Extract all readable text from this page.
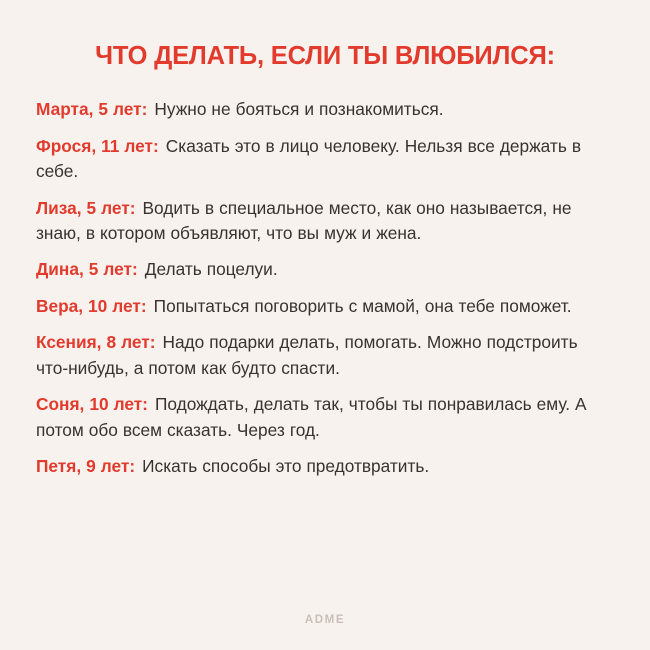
ЧТО ДЕЛАТЬ, ЕСЛИ ТЫ ВЛЮБИЛСЯ:
Марта, 5 лет: Нужно не бояться и познакомиться.
Фрося, 11 лет: Сказать это в лицо человеку. Нельзя все держать в себе.
Лиза, 5 лет: Водить в специальное место, как оно называется, не знаю, в котором объявляют, что вы муж и жена.
Дина, 5 лет: Делать поцелуи.
Вера, 10 лет: Попытаться поговорить с мамой, она тебе поможет.
Ксения, 8 лет: Надо подарки делать, помогать. Можно подстроить что-нибудь, а потом как будто спасти.
Соня, 10 лет: Подождать, делать так, чтобы ты понравилась ему. А потом обо всем сказать. Через год.
Петя, 9 лет: Искать способы это предотвратить.
ADME
